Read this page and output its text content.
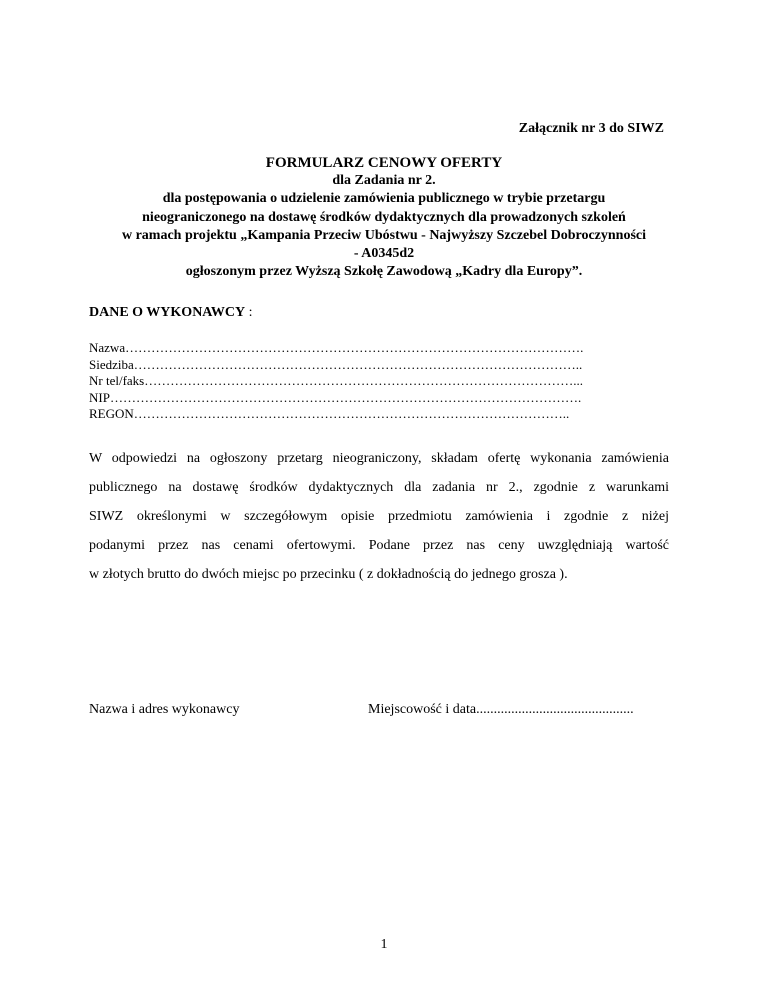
Załącznik nr 3 do SIWZ
FORMULARZ CENOWY OFERTY
dla Zadania nr 2.
dla postępowania o udzielenie zamówienia publicznego w trybie przetargu
nieograniczonego na dostawę środków dydaktycznych dla prowadzonych szkoleń
w ramach projektu „Kampania Przeciw Ubóstwu - Najwyższy Szczebel Dobroczynności
- A0345d2
ogłoszonym przez Wyższą Szkołę Zawodową „Kadry dla Europy”.
DANE O WYKONAWCY :
Nazwa…………………………………………………………………………………………….
Siedziba…………………………………………………………………………………………..
Nr tel/faks………………………………………………………………………………………...
NIP……………………………………………………………………………………………….
REGON………………………………………………………………………………………..
W odpowiedzi na ogłoszony przetarg nieograniczony, składam ofertę wykonania zamówienia
publicznego na dostawę środków dydaktycznych dla zadania nr 2., zgodnie z warunkami
SIWZ określonymi w szczegółowym opisie przedmiotu zamówienia i zgodnie z niżej
podanymi przez nas cenami ofertowymi. Podane przez nas ceny uwzględniają wartość
w złotych brutto do dwóch miejsc po przecinku ( z dokładnością do jednego grosza ).
Nazwa i adres wykonawcy	Miejscowość i data.............................................
1
